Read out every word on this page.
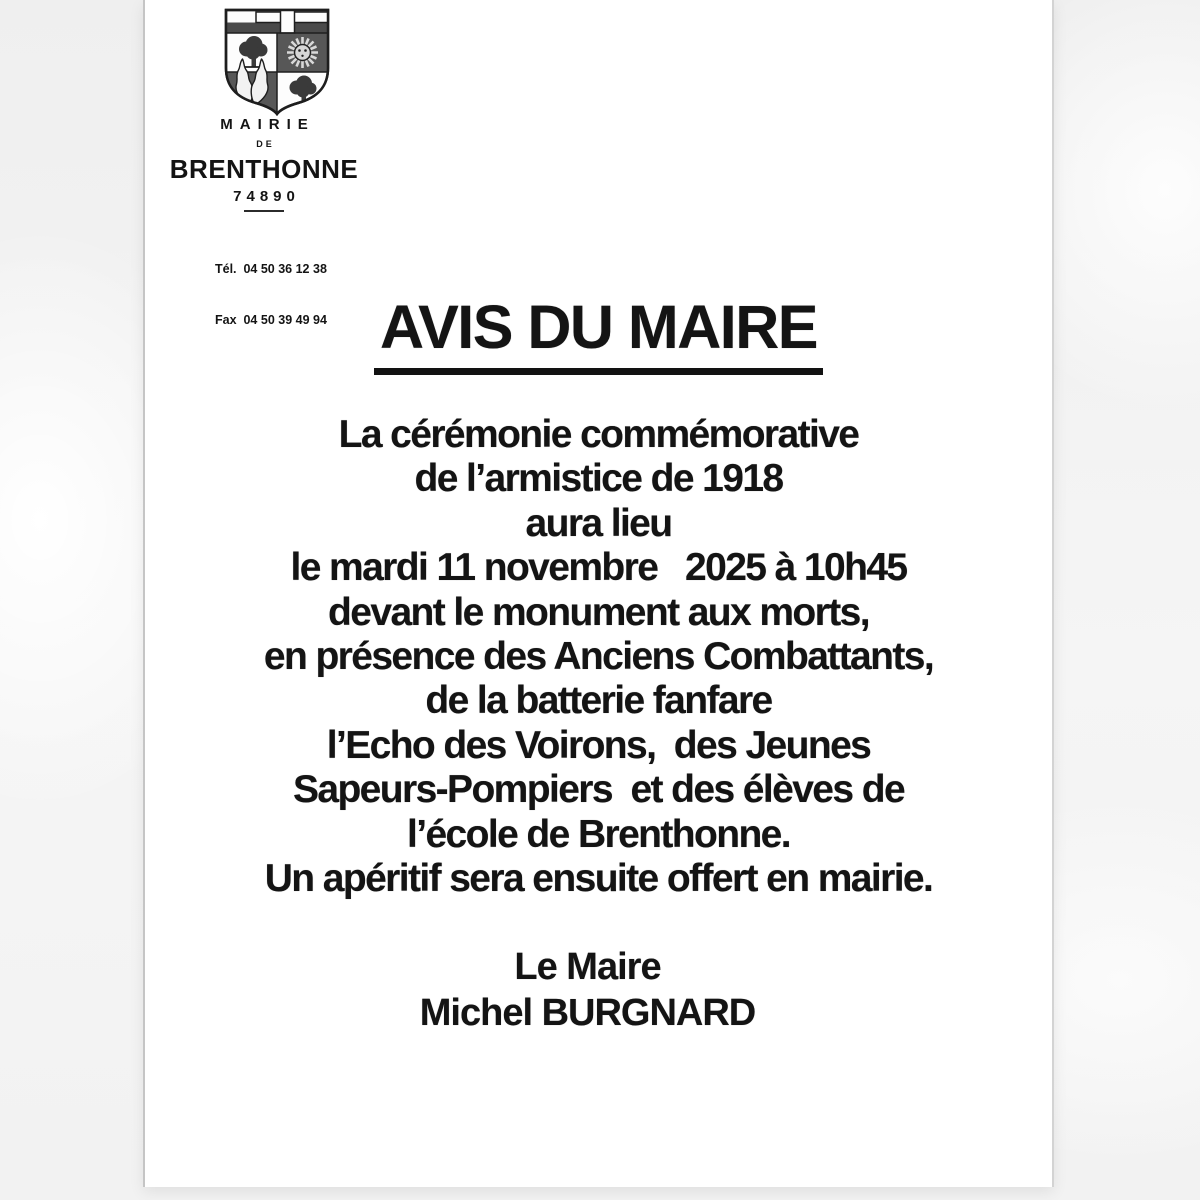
MAIRIE
DE
BRENTHONNE
74890

Tél.  04 50 36 12 38

Fax  04 50 39 49 94

AVIS DU MAIRE
La cérémonie commémorative
de l’armistice de 1918
aura lieu
le mardi 11 novembre   2025 à 10h45
devant le monument aux morts,
en présence des Anciens Combattants,
de la batterie fanfare
l’Echo des Voirons,  des Jeunes
Sapeurs-Pompiers  et des élèves de
l’école de Brenthonne.
Un apéritif sera ensuite offert en mairie.
Le Maire
Michel BURGNARD
